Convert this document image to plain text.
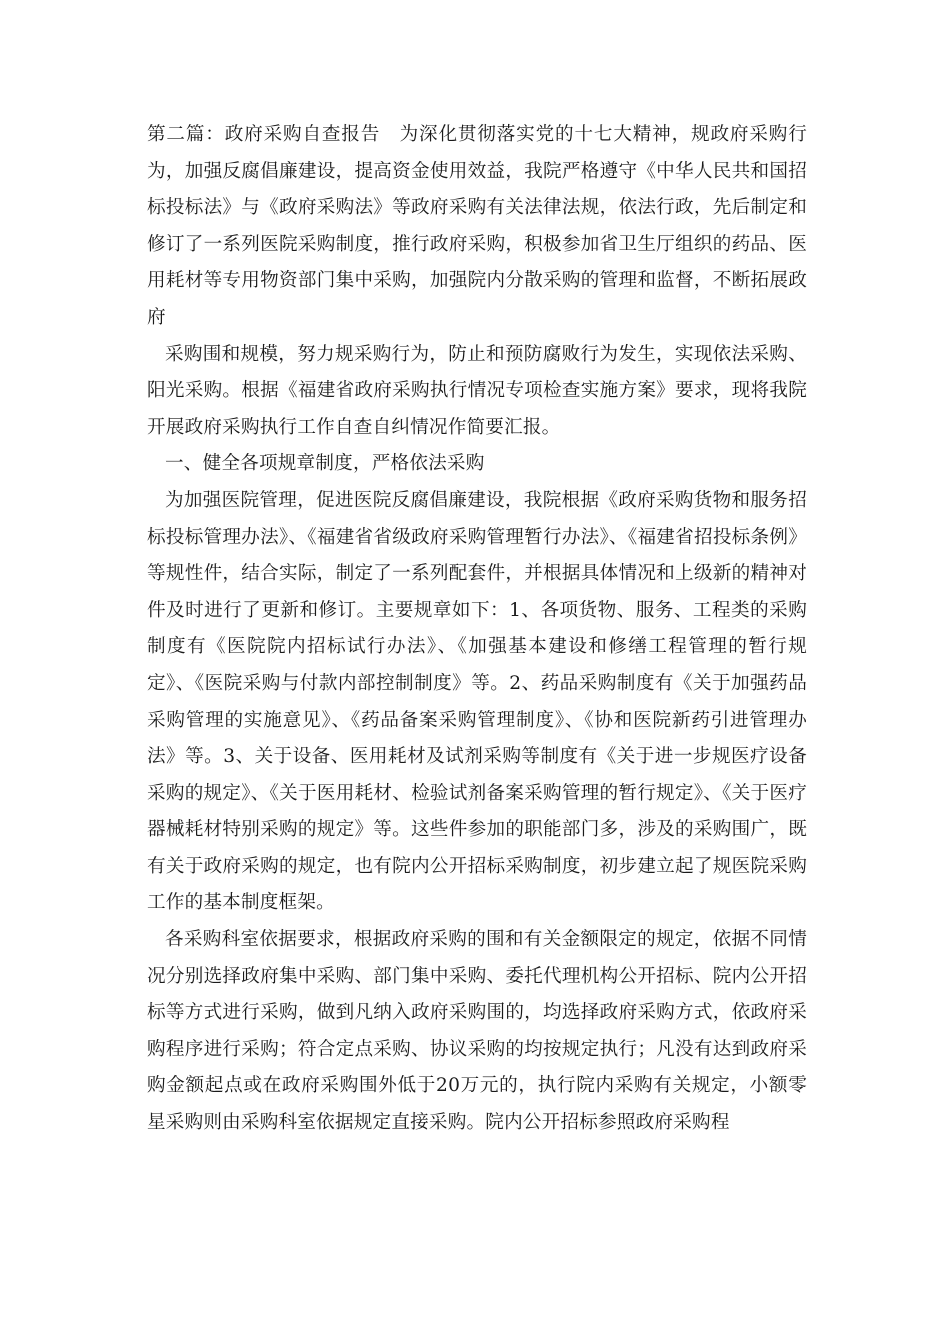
第二篇：政府采购自查报告　为深化贯彻落实党的十七大精神，规政府采购行为，加强反腐倡廉建设，提高资金使用效益，我院严格遵守《中华人民共和国招标投标法》与《政府采购法》等政府采购有关法律法规，依法行政，先后制定和修订了一系列医院采购制度，推行政府采购，积极参加省卫生厅组织的药品、医用耗材等专用物资部门集中采购，加强院内分散采购的管理和监督，不断拓展政府

采购围和规模，努力规采购行为，防止和预防腐败行为发生，实现依法采购、阳光采购。根据《福建省政府采购执行情况专项检查实施方案》要求，现将我院开展政府采购执行工作自查自纠情况作简要汇报。

一、健全各项规章制度，严格依法采购

为加强医院管理，促进医院反腐倡廉建设，我院根据《政府采购货物和服务招标投标管理办法》、《福建省省级政府采购管理暂行办法》、《福建省招投标条例》等规性件，结合实际，制定了一系列配套件，并根据具体情况和上级新的精神对件及时进行了更新和修订。主要规章如下：1、各项货物、服务、工程类的采购制度有《医院院内招标试行办法》、《加强基本建设和修缮工程管理的暂行规定》、《医院采购与付款内部控制制度》等。2、药品采购制度有《关于加强药品采购管理的实施意见》、《药品备案采购管理制度》、《协和医院新药引进管理办法》等。3、关于设备、医用耗材及试剂采购等制度有《关于进一步规医疗设备采购的规定》、《关于医用耗材、检验试剂备案采购管理的暂行规定》、《关于医疗器械耗材特别采购的规定》等。这些件参加的职能部门多，涉及的采购围广，既有关于政府采购的规定，也有院内公开招标采购制度，初步建立起了规医院采购工作的基本制度框架。

各采购科室依据要求，根据政府采购的围和有关金额限定的规定，依据不同情况分别选择政府集中采购、部门集中采购、委托代理机构公开招标、院内公开招标等方式进行采购，做到凡纳入政府采购围的，均选择政府采购方式，依政府采购程序进行采购；符合定点采购、协议采购的均按规定执行；凡没有达到政府采购金额起点或在政府采购围外低于20万元的，执行院内采购有关规定，小额零星采购则由采购科室依据规定直接采购。院内公开招标参照政府采购程
